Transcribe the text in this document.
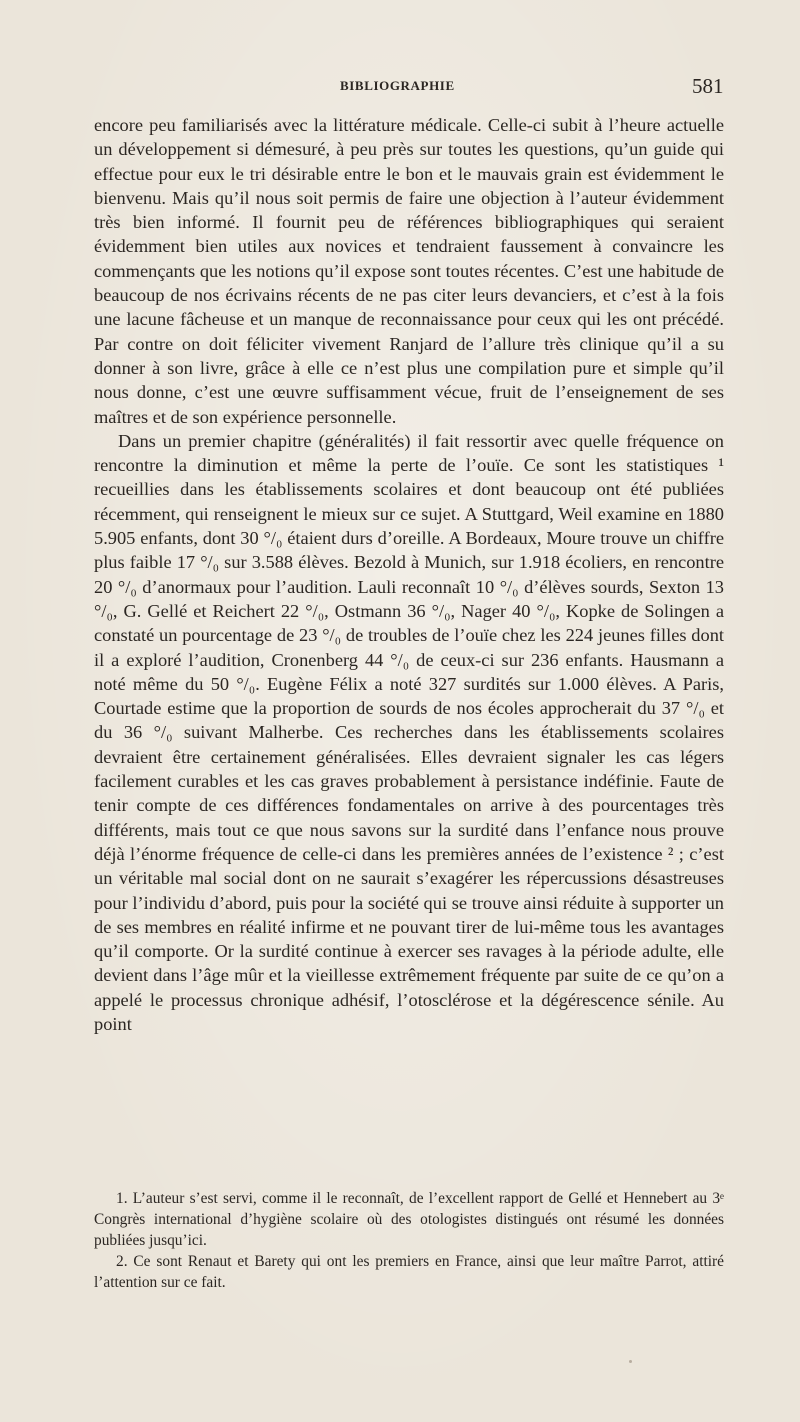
BIBLIOGRAPHIE	581

encore peu familiarisés avec la littérature médicale. Celle-ci subit à l’heure actuelle un développement si démesuré, à peu près sur toutes les questions, qu’un guide qui effectue pour eux le tri désirable entre le bon et le mauvais grain est évidemment le bienvenu. Mais qu’il nous soit permis de faire une objection à l’auteur évidemment très bien informé. Il fournit peu de références bibliographiques qui seraient évidemment bien utiles aux novices et tendraient faussement à convaincre les commençants que les notions qu’il expose sont toutes récentes. C’est une habitude de beaucoup de nos écrivains récents de ne pas citer leurs devanciers, et c’est à la fois une lacune fâcheuse et un manque de reconnaissance pour ceux qui les ont précédé. Par contre on doit féliciter vivement Ranjard de l’allure très clinique qu’il a su donner à son livre, grâce à elle ce n’est plus une compilation pure et simple qu’il nous donne, c’est une œuvre suffisamment vécue, fruit de l’enseignement de ses maîtres et de son expérience personnelle.

Dans un premier chapitre (généralités) il fait ressortir avec quelle fréquence on rencontre la diminution et même la perte de l’ouïe. Ce sont les statistiques ¹ recueillies dans les établissements scolaires et dont beaucoup ont été publiées récemment, qui renseignent le mieux sur ce sujet. A Stuttgard, Weil examine en 1880 5.905 enfants, dont 30 °/₀ étaient durs d’oreille. A Bordeaux, Moure trouve un chiffre plus faible 17 °/₀ sur 3.588 élèves. Bezold à Munich, sur 1.918 écoliers, en rencontre 20 °/₀ d’anormaux pour l’audition. Lauli reconnaît 10 °/₀ d’élèves sourds, Sexton 13 °/₀, G. Gellé et Reichert 22 °/₀, Ostmann 36 °/₀, Nager 40 °/₀, Kopke de Solingen a constaté un pourcentage de 23 °/₀ de troubles de l’ouïe chez les 224 jeunes filles dont il a exploré l’audition, Cronenberg 44 °/₀ de ceux-ci sur 236 enfants. Hausmann a noté même du 50 °/₀. Eugène Félix a noté 327 surdités sur 1.000 élèves. A Paris, Courtade estime que la proportion de sourds de nos écoles approcherait du 37 °/₀ et du 36 °/₀ suivant Malherbe. Ces recherches dans les établissements scolaires devraient être certainement généralisées. Elles devraient signaler les cas légers facilement curables et les cas graves probablement à persistance indéfinie. Faute de tenir compte de ces différences fondamentales on arrive à des pourcentages très différents, mais tout ce que nous savons sur la surdité dans l’enfance nous prouve déjà l’énorme fréquence de celle-ci dans les premières années de l’existence ² ; c’est un véritable mal social dont on ne saurait s’exagérer les répercussions désastreuses pour l’individu d’abord, puis pour la société qui se trouve ainsi réduite à supporter un de ses membres en réalité infirme et ne pouvant tirer de lui-même tous les avantages qu’il comporte. Or la surdité continue à exercer ses ravages à la période adulte, elle devient dans l’âge mûr et la vieillesse extrêmement fréquente par suite de ce qu’on a appelé le processus chronique adhésif, l’otosclérose et la dégérescence sénile. Au point

1. L’auteur s’est servi, comme il le reconnaît, de l’excellent rapport de Gellé et Hennebert au 3ᵉ Congrès international d’hygiène scolaire où des otologistes distingués ont résumé les données publiées jusqu’ici.

2. Ce sont Renaut et Barety qui ont les premiers en France, ainsi que leur maître Parrot, attiré l’attention sur ce fait.
